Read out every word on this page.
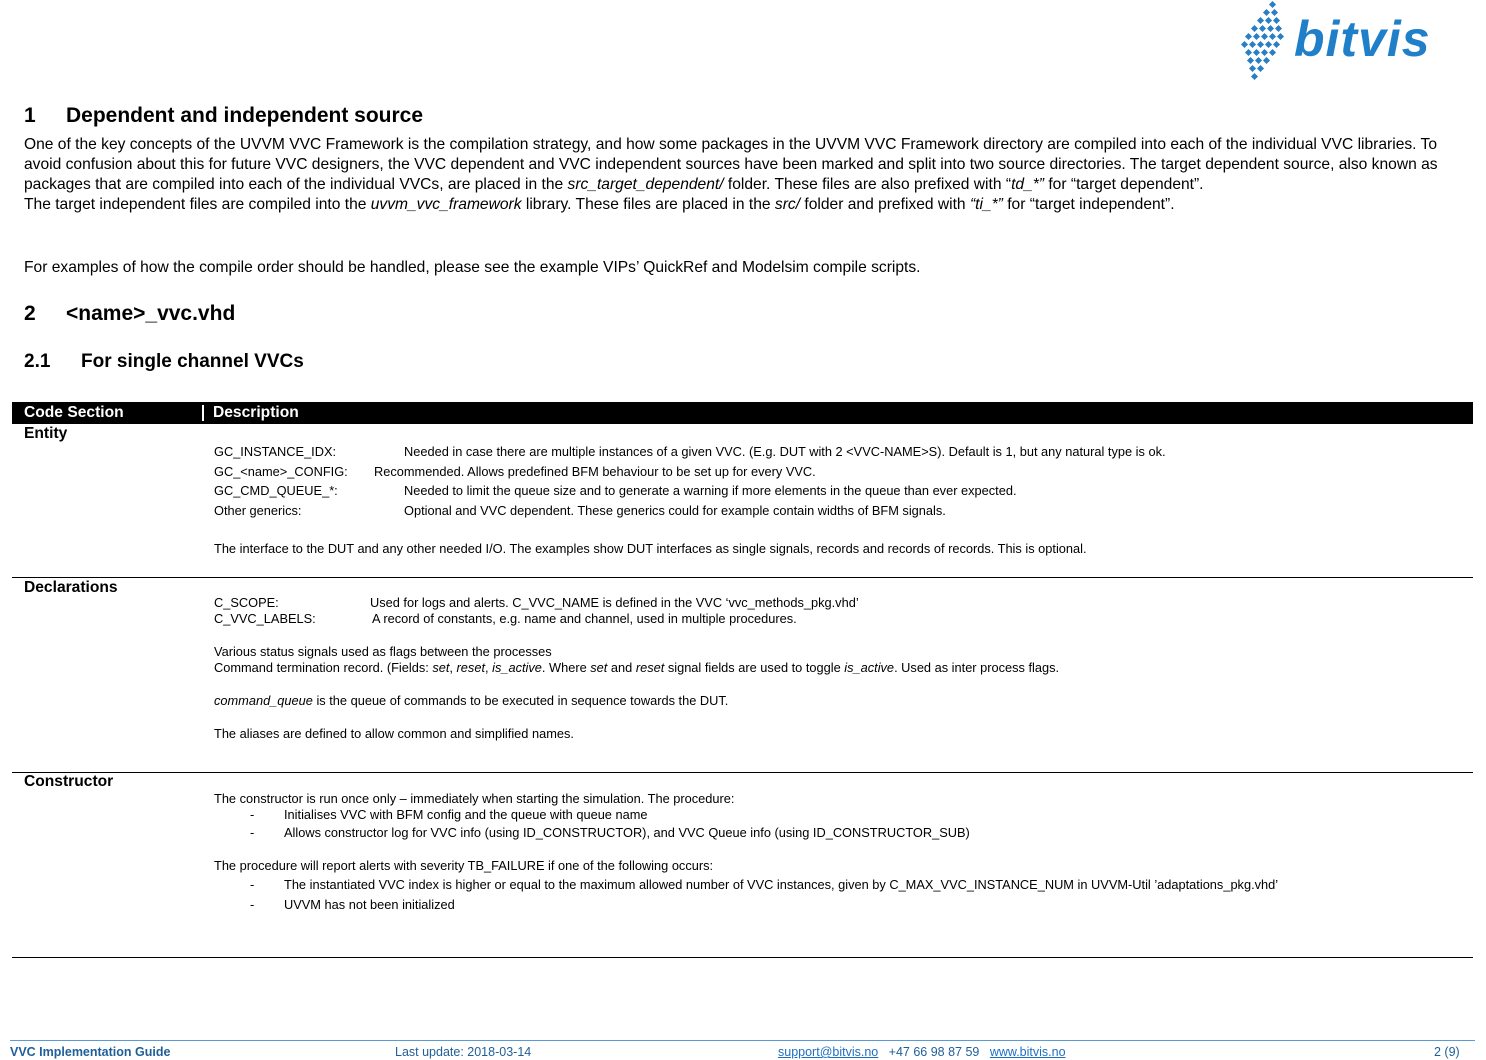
bitvis
1 Dependent and independent source

One of the key concepts of the UVVM VVC Framework is the compilation strategy, and how some packages in the UVVM VVC Framework directory are compiled into each of the individual VVC libraries. To avoid confusion about this for future VVC designers, the VVC dependent and VVC independent sources have been marked and split into two source directories. The target dependent source, also known as packages that are compiled into each of the individual VVCs, are placed in the src_target_dependent/ folder. These files are also prefixed with “td_*” for “target dependent”.

The target independent files are compiled into the uvvm_vvc_framework library. These files are placed in the src/ folder and prefixed with “ti_*” for “target independent”.

For examples of how the compile order should be handled, please see the example VIPs’ QuickRef and Modelsim compile scripts.
2 <name>_vvc.vhd
2.1 For single channel VVCs
Code Section	Description
Entity
GC_INSTANCE_IDX:	Needed in case there are multiple instances of a given VVC. (E.g. DUT with 2 <VVC-NAME>S). Default is 1, but any natural type is ok.
GC_<name>_CONFIG: Recommended. Allows predefined BFM behaviour to be set up for every VVC.
GC_CMD_QUEUE_*:	Needed to limit the queue size and to generate a warning if more elements in the queue than ever expected.
Other generics:	Optional and VVC dependent. These generics could for example contain widths of BFM signals.
The interface to the DUT and any other needed I/O. The examples show DUT interfaces as single signals, records and records of records. This is optional.
Declarations
C_SCOPE:	Used for logs and alerts. C_VVC_NAME is defined in the VVC ‘vvc_methods_pkg.vhd’
C_VVC_LABELS:	A record of constants, e.g. name and channel, used in multiple procedures.
Various status signals used as flags between the processes
Command termination record. (Fields: set, reset, is_active. Where set and reset signal fields are used to toggle is_active. Used as inter process flags.
command_queue is the queue of commands to be executed in sequence towards the DUT.
The aliases are defined to allow common and simplified names.
Constructor
The constructor is run once only – immediately when starting the simulation. The procedure:
- Initialises VVC with BFM config and the queue with queue name
- Allows constructor log for VVC info (using ID_CONSTRUCTOR), and VVC Queue info (using ID_CONSTRUCTOR_SUB)
The procedure will report alerts with severity TB_FAILURE if one of the following occurs:
- The instantiated VVC index is higher or equal to the maximum allowed number of VVC instances, given by C_MAX_VVC_INSTANCE_NUM in UVVM-Util ’adaptations_pkg.vhd’
- UVVM has not been initialized
VVC Implementation Guide	Last update: 2018-03-14	support@bitvis.no +47 66 98 87 59 www.bitvis.no	2 (9)
